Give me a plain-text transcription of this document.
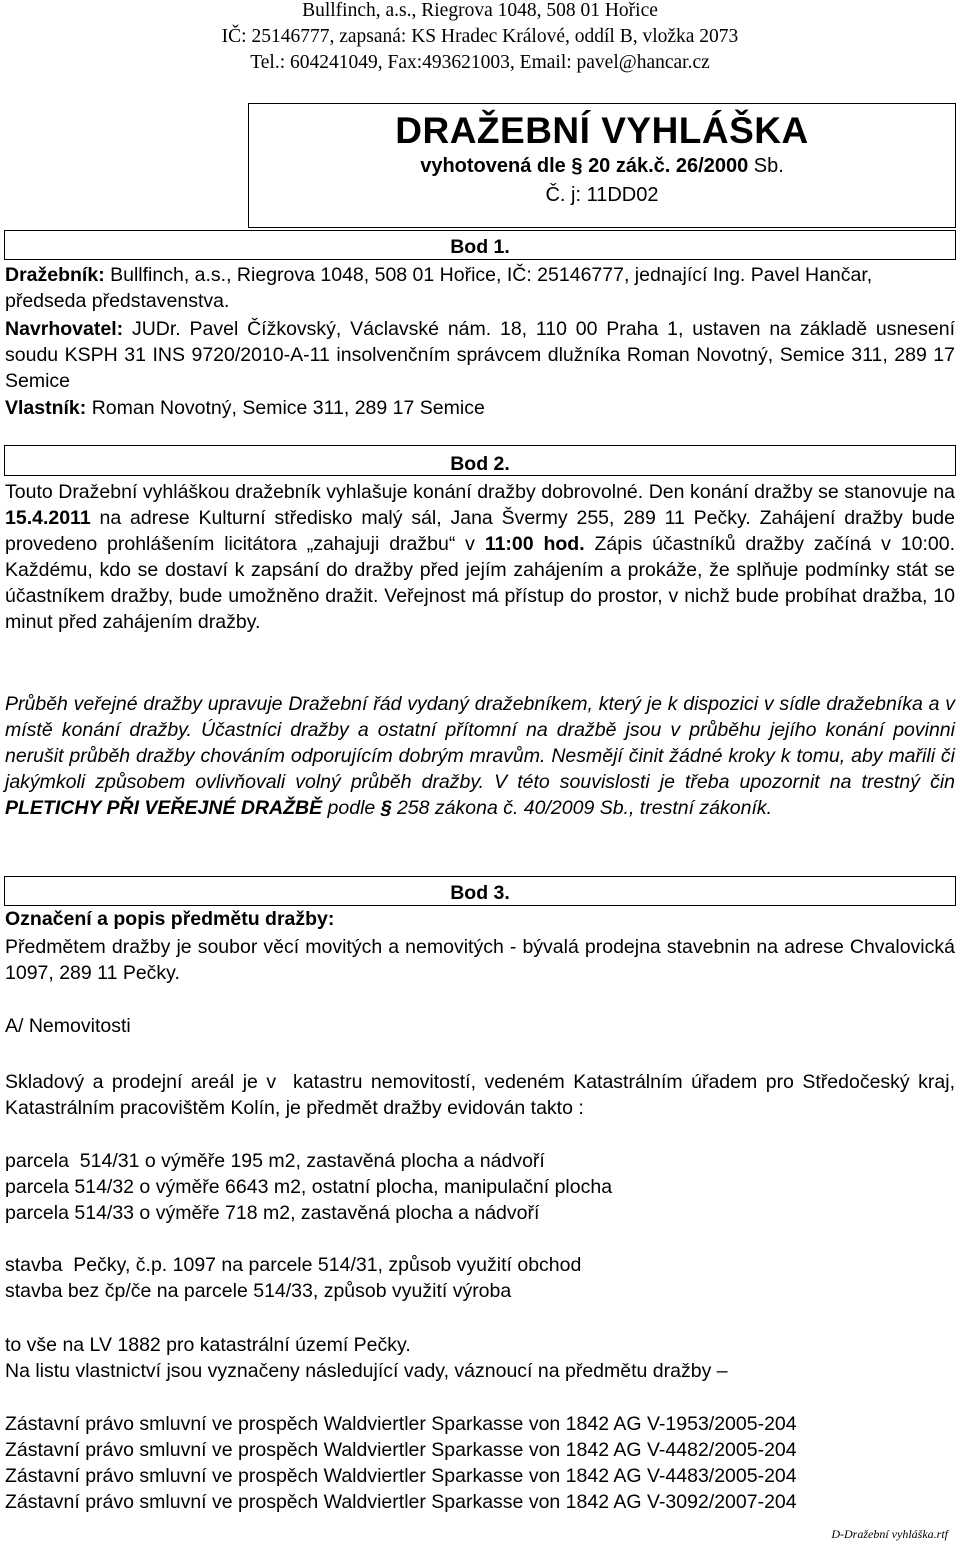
Bullfinch, a.s., Riegrova 1048, 508 01 Hořice
IČ: 25146777, zapsaná: KS Hradec Králové, oddíl B, vložka 2073
Tel.: 604241049, Fax:493621003, Email: pavel@hancar.cz
DRAŽEBNÍ VYHLÁŠKA
vyhotovená dle § 20 zák.č. 26/2000 Sb.
Č. j: 11DD02
Bod 1.
Dražebník: Bullfinch, a.s., Riegrova 1048, 508 01 Hořice, IČ: 25146777, jednající Ing. Pavel Hančar, předseda představenstva.
Navrhovatel: JUDr. Pavel Čížkovský, Václavské nám. 18, 110 00 Praha 1, ustaven na základě usnesení soudu KSPH 31 INS 9720/2010-A-11 insolvenčním správcem dlužníka Roman Novotný, Semice 311, 289 17 Semice
Vlastník: Roman Novotný, Semice 311, 289 17 Semice
Bod 2.
Touto Dražební vyhláškou dražebník vyhlašuje konání dražby dobrovolné. Den konání dražby se stanovuje na 15.4.2011 na adrese Kulturní středisko malý sál, Jana Švermy 255, 289 11 Pečky. Zahájení dražby bude provedeno prohlášením licitátora „zahajuji dražbu“ v 11:00 hod. Zápis účastníků dražby začíná v 10:00. Každému, kdo se dostaví k zapsání do dražby před jejím zahájením a prokáže, že splňuje podmínky stát se účastníkem dražby, bude umožněno dražit. Veřejnost má přístup do prostor, v nichž bude probíhat dražba, 10 minut před zahájením dražby.
Průběh veřejné dražby upravuje Dražební řád vydaný dražebníkem, který je k dispozici v sídle dražebníka a v místě konání dražby. Účastníci dražby a ostatní přítomní na dražbě jsou v průběhu jejího konání povinni nerušit průběh dražby chováním odporujícím dobrým mravům. Nesmějí činit žádné kroky k tomu, aby mařili či jakýmkoli způsobem ovlivňovali volný průběh dražby. V této souvislosti je třeba upozornit na trestný čin PLETICHY PŘI VEŘEJNÉ DRAŽBĚ podle § 258 zákona č. 40/2009 Sb., trestní zákoník.
Bod 3.
Označení a popis předmětu dražby:
Předmětem dražby je soubor věcí movitých a nemovitých - bývalá prodejna stavebnin na adrese Chvalovická 1097, 289 11 Pečky.
A/ Nemovitosti
Skladový a prodejní areál je v  katastru nemovitostí, vedeném Katastrálním úřadem pro Středočeský kraj, Katastrálním pracovištěm Kolín, je předmět dražby evidován takto :
parcela  514/31 o výměře 195 m2, zastavěná plocha a nádvoří
parcela 514/32 o výměře 6643 m2, ostatní plocha, manipulační plocha
parcela 514/33 o výměře 718 m2, zastavěná plocha a nádvoří
stavba  Pečky, č.p. 1097 na parcele 514/31, způsob využití obchod
stavba bez čp/če na parcele 514/33, způsob využití výroba
to vše na LV 1882 pro katastrální území Pečky.
Na listu vlastnictví jsou vyznačeny následující vady, váznoucí na předmětu dražby –
Zástavní právo smluvní ve prospěch Waldviertler Sparkasse von 1842 AG V-1953/2005-204
Zástavní právo smluvní ve prospěch Waldviertler Sparkasse von 1842 AG V-4482/2005-204
Zástavní právo smluvní ve prospěch Waldviertler Sparkasse von 1842 AG V-4483/2005-204
Zástavní právo smluvní ve prospěch Waldviertler Sparkasse von 1842 AG V-3092/2007-204
D-Dražební vyhláška.rtf
